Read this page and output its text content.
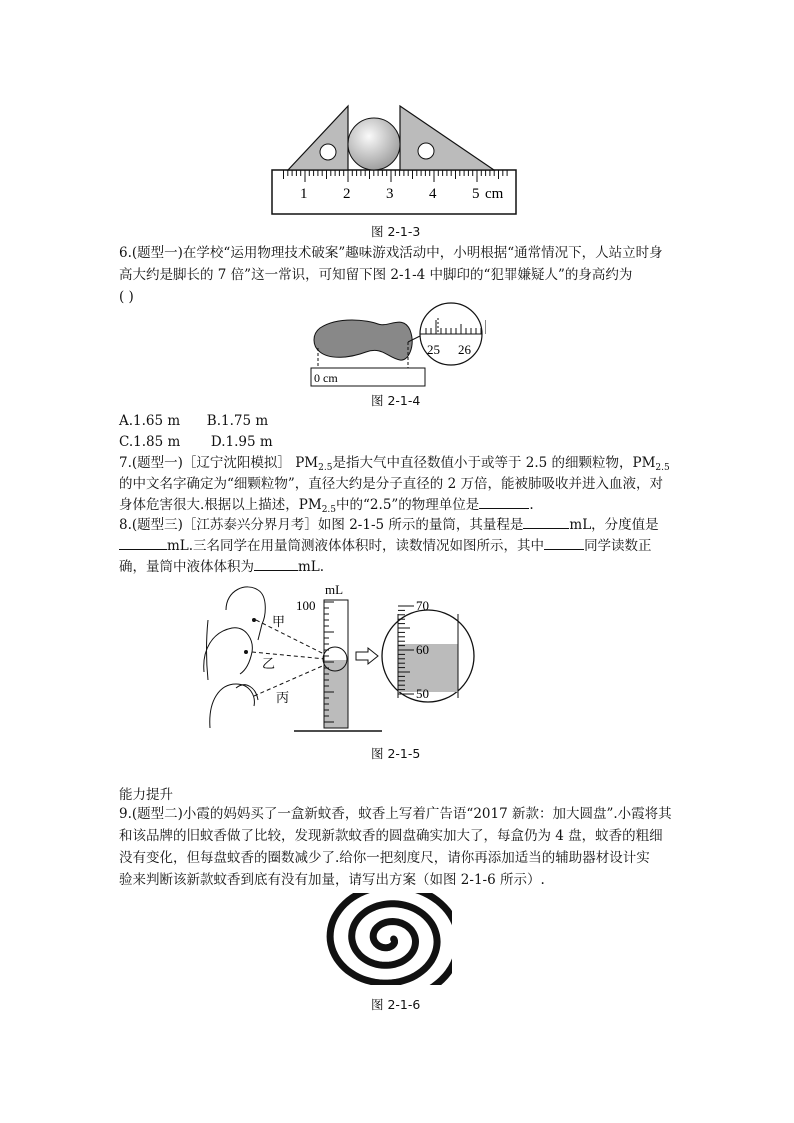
1 2 3 4 5 cm
图 2-1-3
6.(题型一)在学校“运用物理技术破案”趣味游戏活动中，小明根据“通常情况下，人站立时身
高大约是脚长的 7 倍”这一常识，可知留下图 2-1-4 中脚印的“犯罪嫌疑人”的身高约为
( )
0 cm
25 26
图 2-1-4
A.1.65 m B.1.75 m
C.1.85 m D.1.95 m
7.(题型一)［辽宁沈阳模拟］ $PM_{2.5}$是指大气中直径数值小于或等于 2.5 的细颗粒物，$PM_{2.5}$
的中文名字确定为“细颗粒物”，直径大约是分子直径的 2 万倍，能被肺吸收并进入血液，对
身体危害很大.根据以上描述，$PM_{2.5}$中的“2.5”的物理单位是	.
8.(题型三)［江苏泰兴分界月考］如图 2-1-5 所示的量筒，其量程是	mL，分度值是
mL.三名同学在用量筒测液体体积时，读数情况如图所示，其中	同学读数正
确，量筒中液体体积为	mL.
100
mL
70
60
50
甲
乙
丙
图 2-1-5
能力提升
9.(题型二)小霞的妈妈买了一盒新蚊香，蚊香上写着广告语“2017 新款：加大圆盘”.小霞将其
和该品牌的旧蚊香做了比较，发现新款蚊香的圆盘确实加大了，每盒仍为 4 盘，蚊香的粗细
没有变化，但每盘蚊香的圈数减少了.给你一把刻度尺，请你再添加适当的辅助器材设计实
验来判断该新款蚊香到底有没有加量，请写出方案（如图 2-1-6 所示）.
图 2-1-6
